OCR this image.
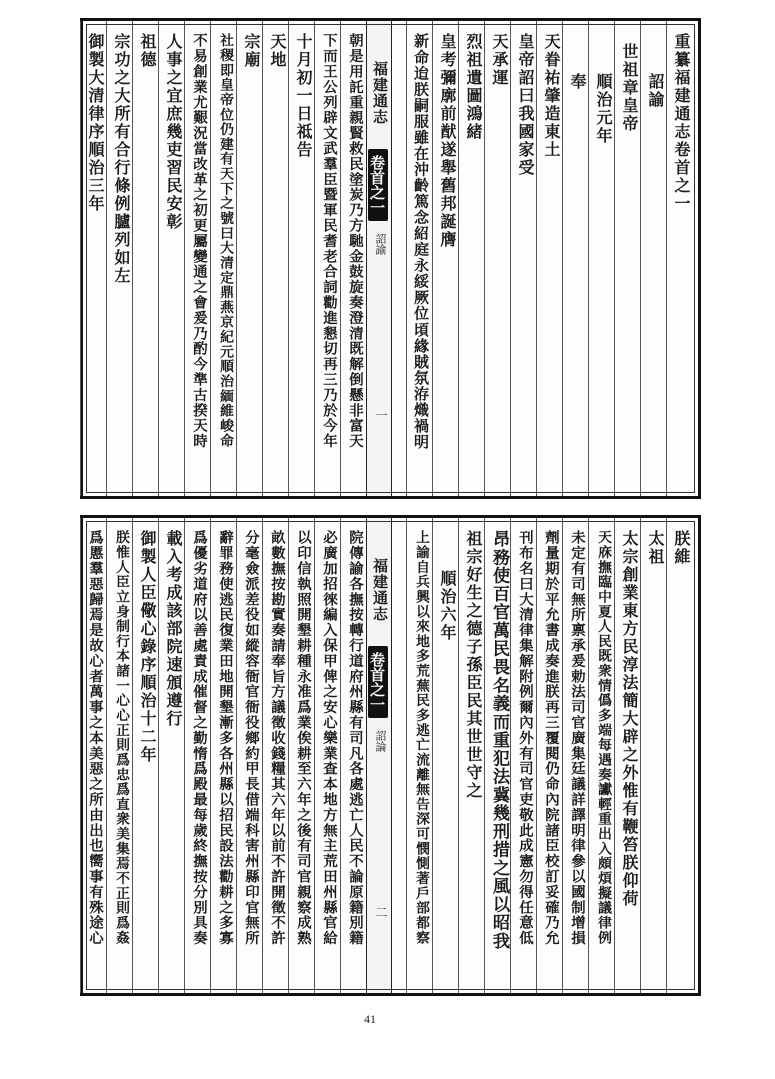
重纂福建通志卷首之一
詔諭
世祖章皇帝
順治元年
奉
天眷祐肇造東土
皇帝詔曰我國家受
天承運
烈祖遺圖鴻緒
皇考彌廓前猷遂舉舊邦誕膺
新命迨朕嗣服雖在沖齡篤念紹庭永綏厥位頃緣賊氛洊熾禍明
福建通志
卷首之一
詔諭
一
朝是用託重親賢救民塗炭乃方馳金鼓旋奏澄清既解倒懸非富天
下而王公列辟文武羣臣暨軍民耆老合詞勸進懇切再三乃於今年
十月初一日祗告
天地
宗廟
社稷即皇帝位仍建有天下之號曰大清定鼎燕京紀元順治緬維峻命
不易創業尤艱況當改革之初更屬變通之會爰乃酌今準古揆天時
人事之宜庶幾吏習民安彰
祖德
宗功之大所有合行條例臚列如左
御製大清律序順治三年
朕維
太祖
太宗創業東方民淳法簡大辟之外惟有鞭笞朕仰荷
天庥撫臨中夏人民既衆情僞多端每遇奏讞輕重出入頗煩擬議律例
未定有司無所禀承爰勅法司官廣集廷議詳譯明律參以國制增損
劑量期於平允書成奏進朕再三覆閱仍命內院諸臣校訂妥確乃允
刊布名曰大清律集解附例爾內外有司官吏敬此成憲勿得任意低
昂務使百官萬民畏名義而重犯法冀幾刑措之風以昭我
祖宗好生之德子孫臣民其世世守之
順治六年
上諭自兵興以來地多荒蕪民多逃亡流離無告深可憫惻著戶部都察
福建通志
卷首之一
詔論
二
院傳諭各撫按轉行道府州縣有司凡各處逃亡人民不論原籍別籍
必廣加招徠編入保甲俾之安心樂業查本地方無主荒田州縣官給
以印信執照開墾耕種永准爲業俟耕至六年之後有司官親察成熟
畝數撫按勘實奏請奉旨方議徵收錢糧其六年以前不許開徵不許
分毫僉派差役如縱容衙官衙役鄉約甲長借端科害州縣印官無所
辭罪務使逃民復業田地開墾漸多各州縣以招民設法勸耕之多寡
爲優劣道府以善處責成催督之勤惰爲殿最每歲終撫按分別具奏
載入考成該部院速頒遵行
御製人臣儆心錄序順治十二年
朕惟人臣立身制行本諸一心心正則爲忠爲直衆美集焉不正則爲姦
爲慝羣惡歸焉是故心者萬事之本美惡之所由出也嚮事有殊途心
41
